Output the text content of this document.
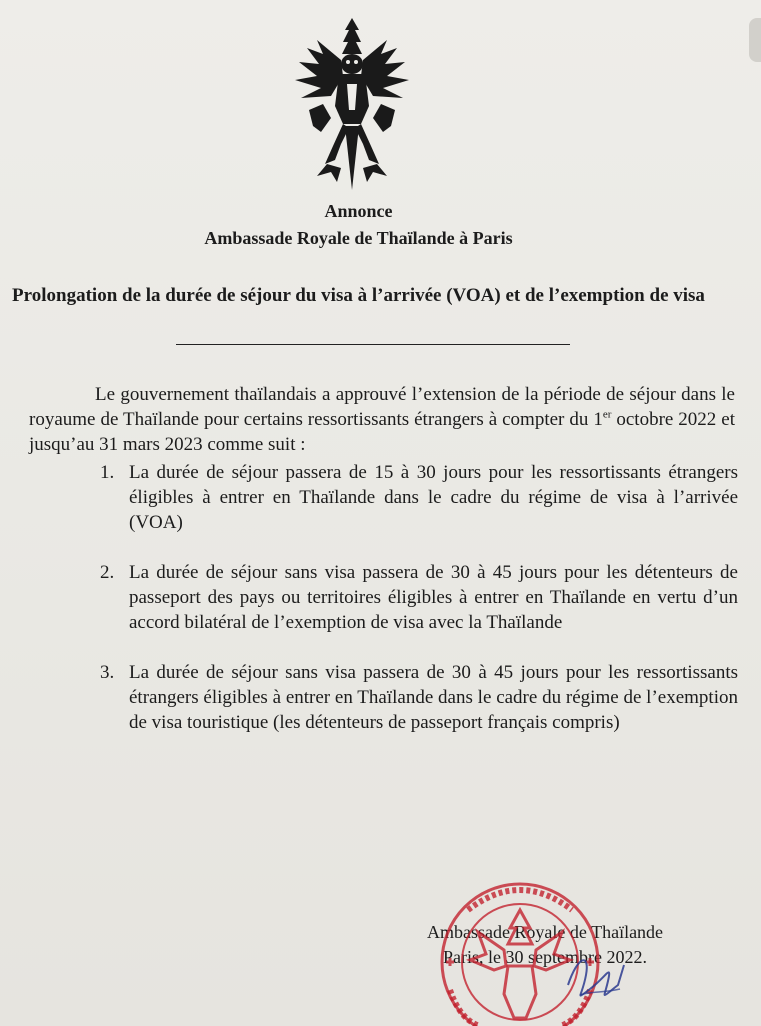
Annonce
Ambassade Royale de Thaïlande à Paris
Prolongation de la durée de séjour du visa à l’arrivée (VOA) et de l’exemption de visa

Le gouvernement thaïlandais a approuvé l’extension de la période de séjour dans le royaume de Thaïlande pour certains ressortissants étrangers à compter du 1er octobre 2022 et jusqu’au 31 mars 2023 comme suit :

1. La durée de séjour passera de 15 à 30 jours pour les ressortissants étrangers éligibles à entrer en Thaïlande dans le cadre du régime de visa à l’arrivée (VOA)
2. La durée de séjour sans visa passera de 30 à 45 jours pour les détenteurs de passeport des pays ou territoires éligibles à entrer en Thaïlande en vertu d’un accord bilatéral de l’exemption de visa avec la Thaïlande
3. La durée de séjour sans visa passera de 30 à 45 jours pour les ressortissants étrangers éligibles à entrer en Thaïlande dans le cadre du régime de l’exemption de visa touristique (les détenteurs de passeport français compris)
Ambassade Royale de Thaïlande
Paris, le 30 septembre 2022.
